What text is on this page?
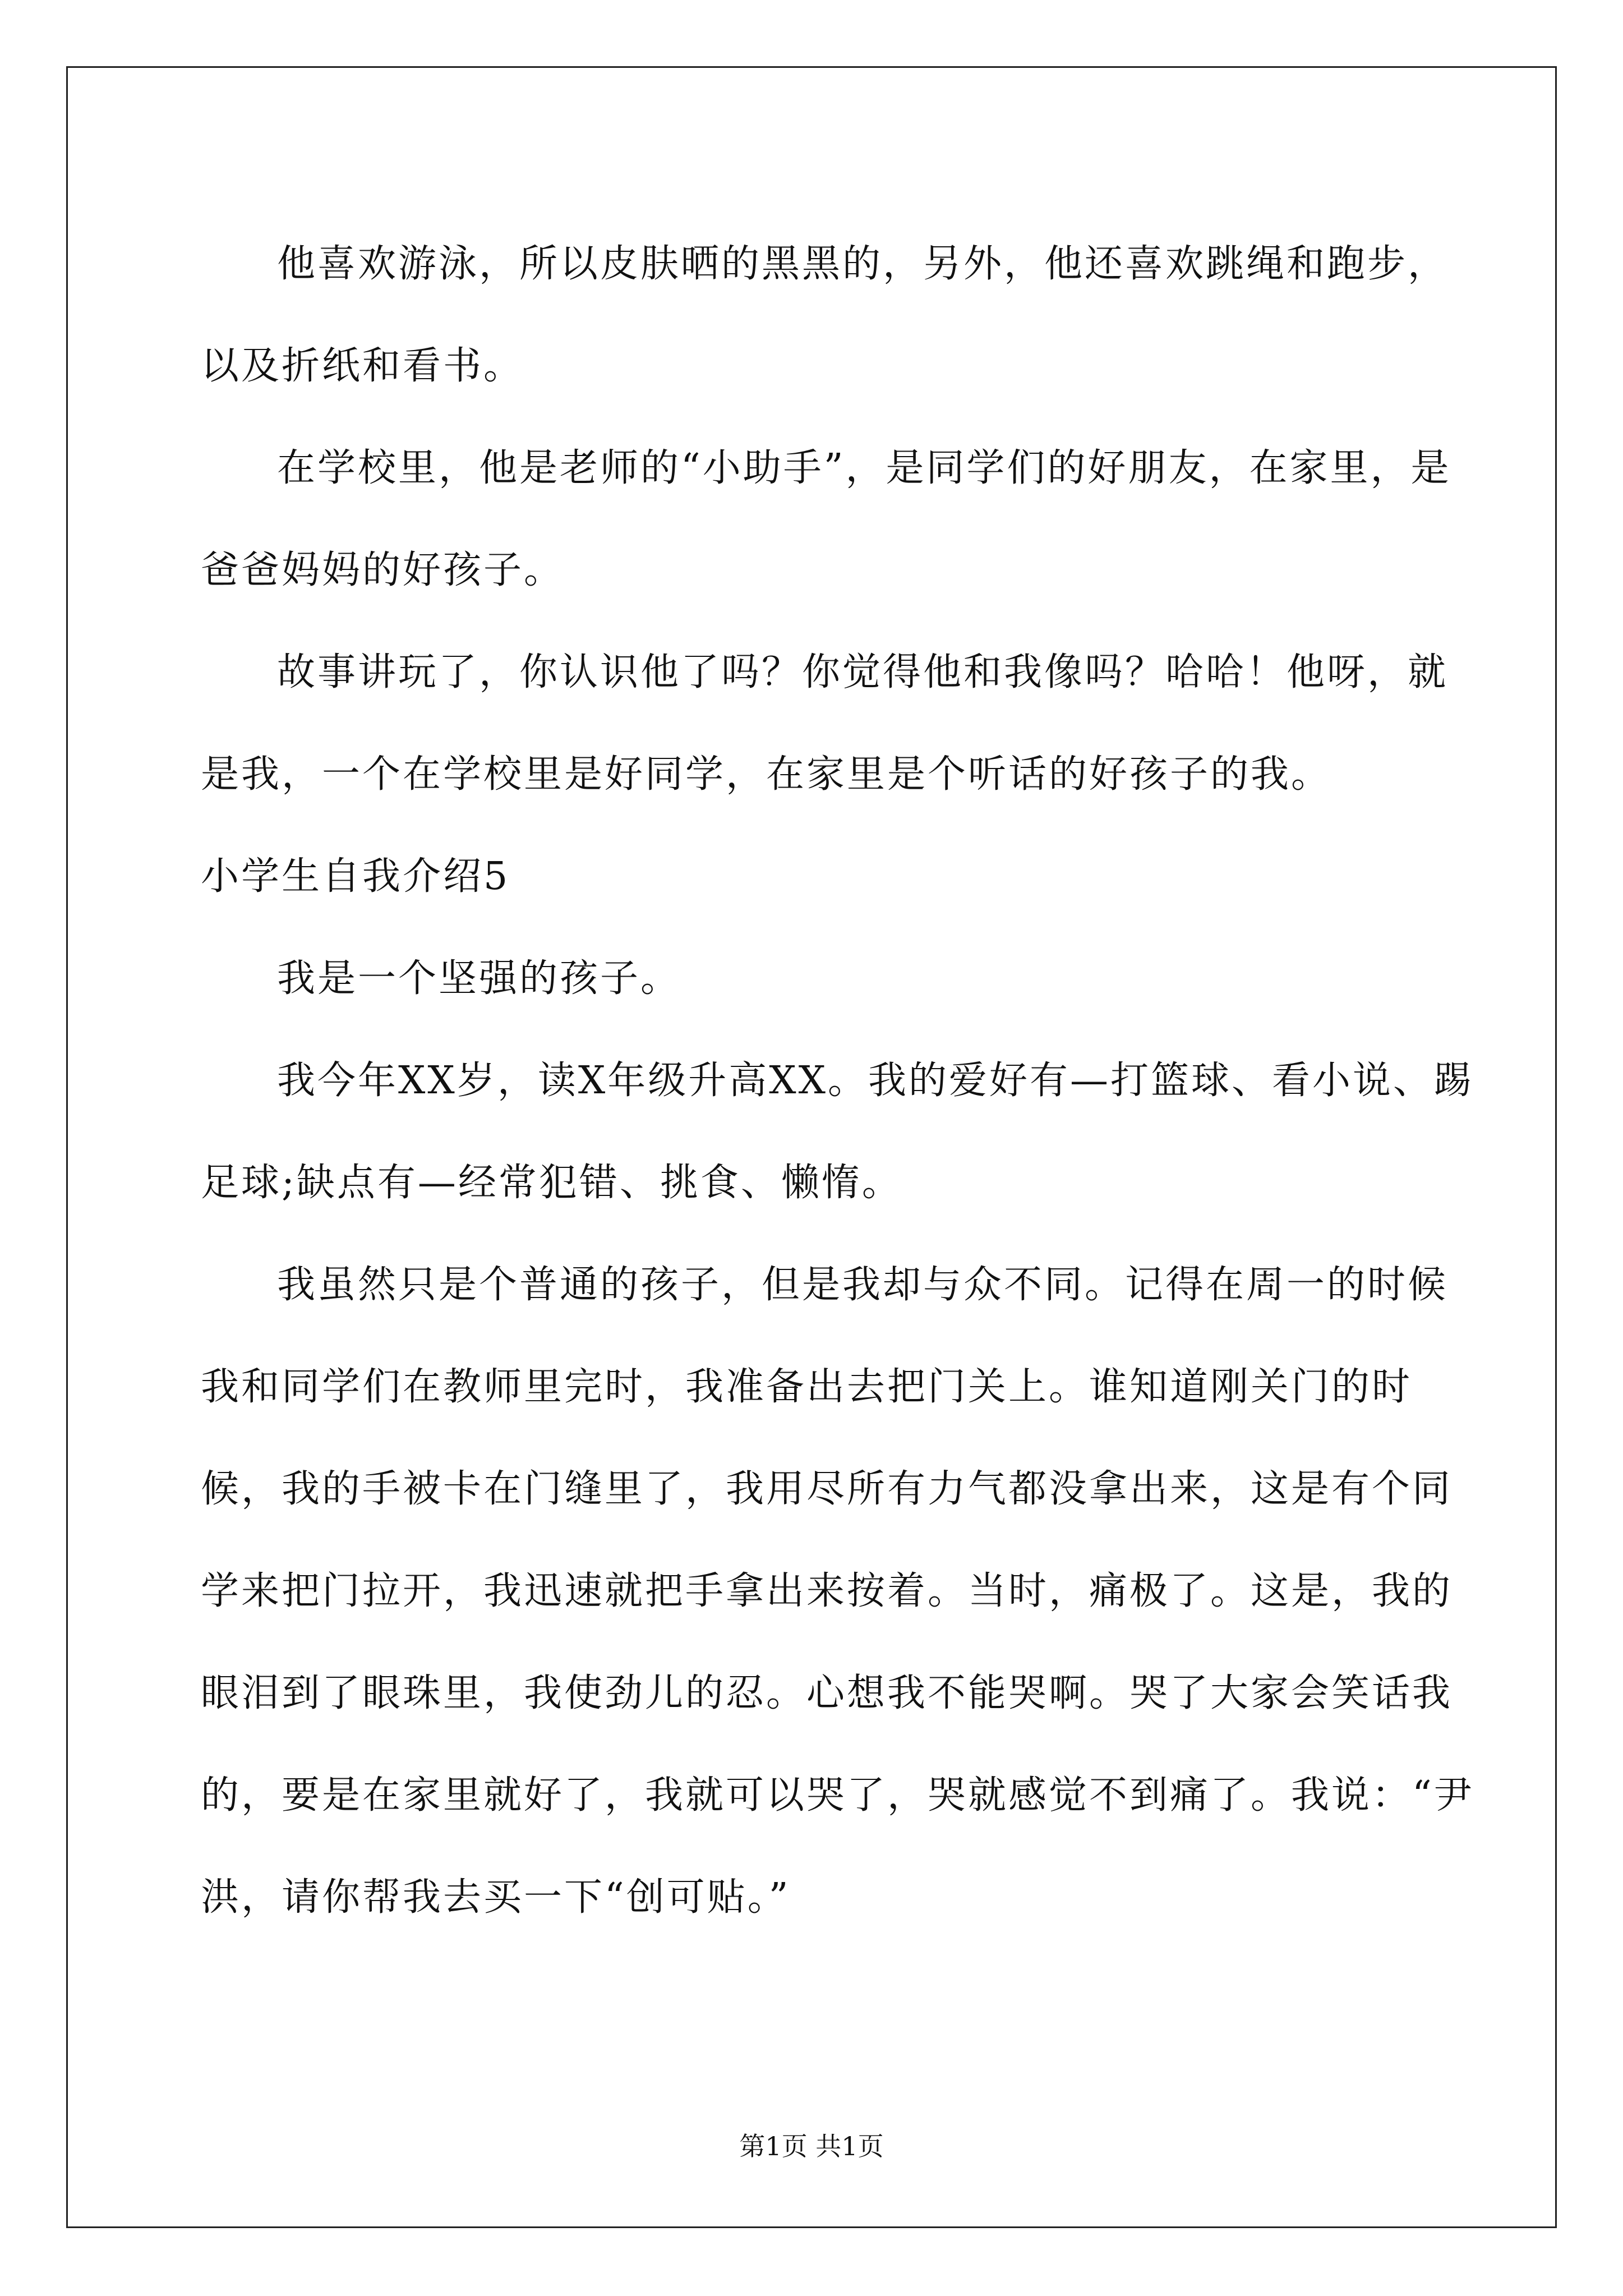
他喜欢游泳，所以皮肤晒的黑黑的，另外，他还喜欢跳绳和跑步，以及折纸和看书。

在学校里，他是老师的“小助手”，是同学们的好朋友，在家里，是爸爸妈妈的好孩子。

故事讲玩了，你认识他了吗？你觉得他和我像吗？哈哈！他呀，就是我，一个在学校里是好同学，在家里是个听话的好孩子的我。

小学生自我介绍5

我是一个坚强的孩子。

我今年XX岁，读X年级升高XX。我的爱好有—打篮球、看小说、踢足球;缺点有—经常犯错、挑食、懒惰。

我虽然只是个普通的孩子，但是我却与众不同。记得在周一的时候我和同学们在教师里完时，我准备出去把门关上。谁知道刚关门的时候，我的手被卡在门缝里了，我用尽所有力气都没拿出来，这是有个同学来把门拉开，我迅速就把手拿出来按着。当时，痛极了。这是，我的眼泪到了眼珠里，我使劲儿的忍。心想我不能哭啊。哭了大家会笑话我的，要是在家里就好了，我就可以哭了，哭就感觉不到痛了。我说：“尹洪，请你帮我去买一下“创可贴。”

第1页 共1页
